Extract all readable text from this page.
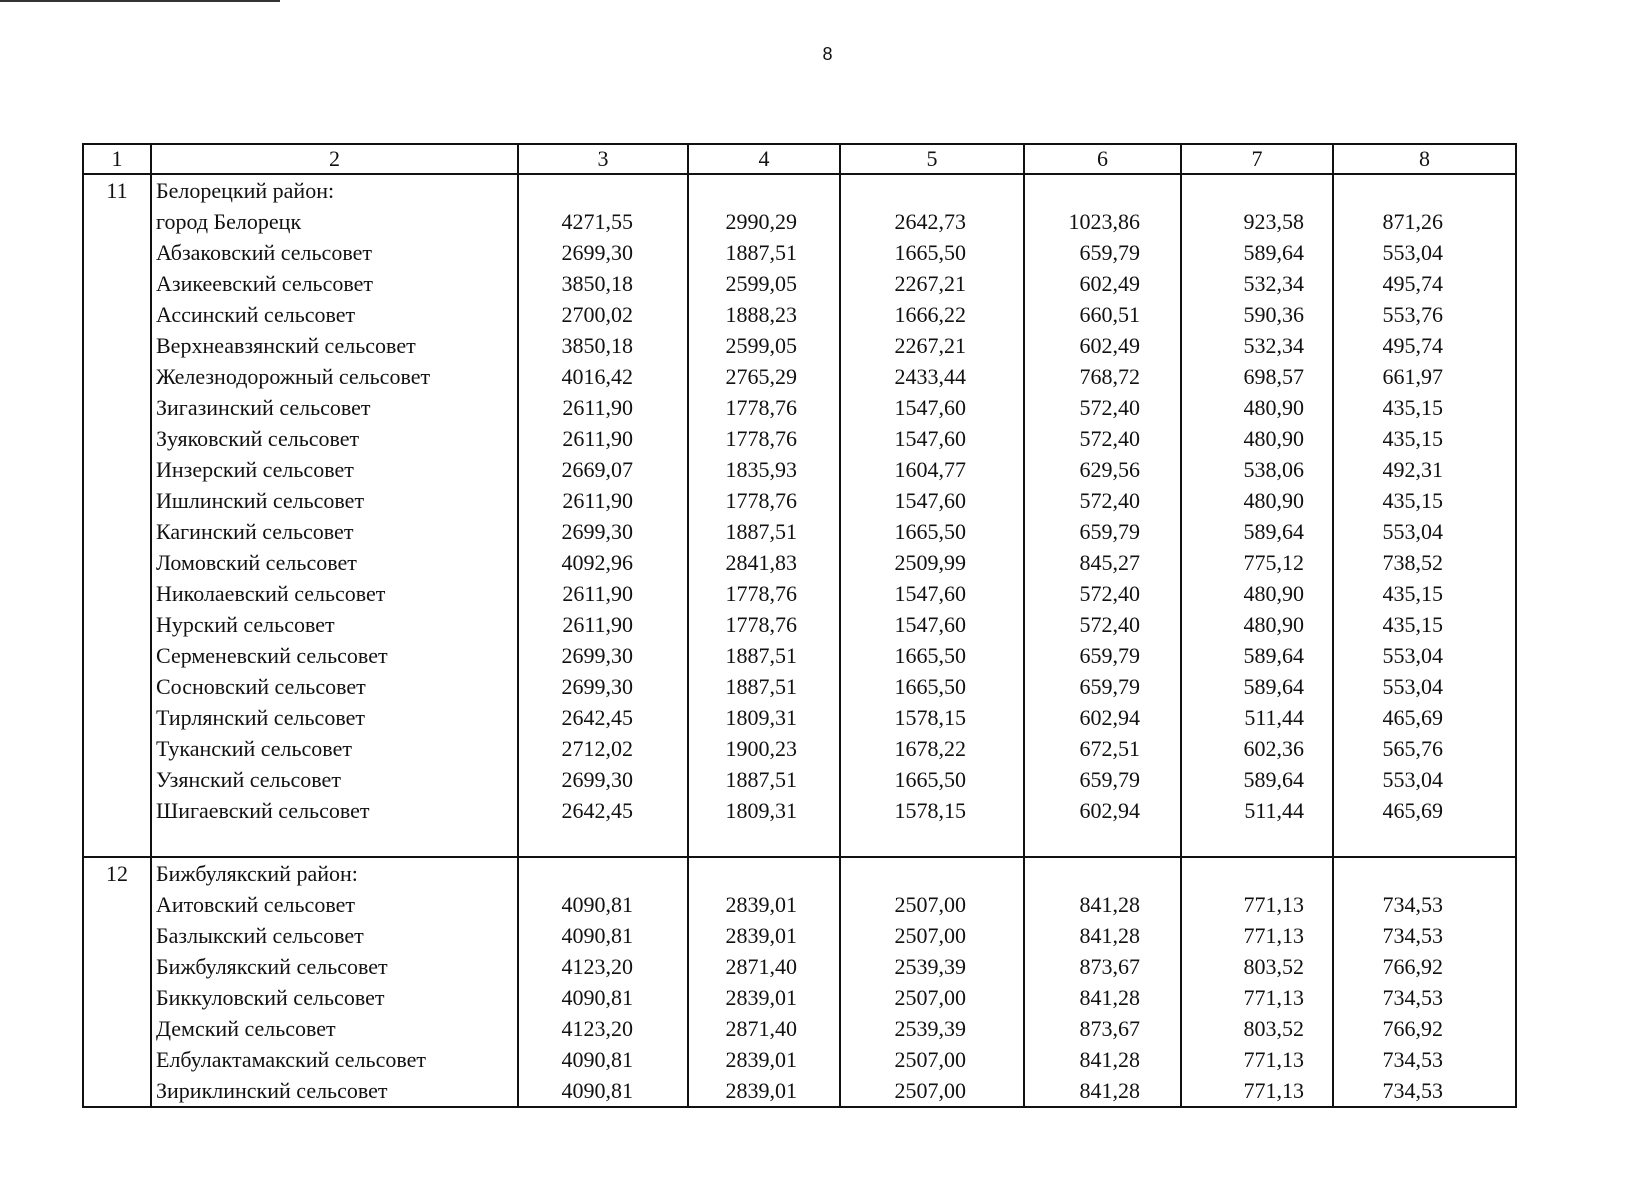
8
1	2	3	4	5	6	7	8
11	Белорецкий район:						
	город Белорецк	4271,55	2990,29	2642,73	1023,86	923,58	871,26
	Абзаковский сельсовет	2699,30	1887,51	1665,50	659,79	589,64	553,04
	Азикеевский сельсовет	3850,18	2599,05	2267,21	602,49	532,34	495,74
	Ассинский сельсовет	2700,02	1888,23	1666,22	660,51	590,36	553,76
	Верхнеавзянский сельсовет	3850,18	2599,05	2267,21	602,49	532,34	495,74
	Железнодорожный сельсовет	4016,42	2765,29	2433,44	768,72	698,57	661,97
	Зигазинский сельсовет	2611,90	1778,76	1547,60	572,40	480,90	435,15
	Зуяковский сельсовет	2611,90	1778,76	1547,60	572,40	480,90	435,15
	Инзерский сельсовет	2669,07	1835,93	1604,77	629,56	538,06	492,31
	Ишлинский сельсовет	2611,90	1778,76	1547,60	572,40	480,90	435,15
	Кагинский сельсовет	2699,30	1887,51	1665,50	659,79	589,64	553,04
	Ломовский сельсовет	4092,96	2841,83	2509,99	845,27	775,12	738,52
	Николаевский сельсовет	2611,90	1778,76	1547,60	572,40	480,90	435,15
	Нурский сельсовет	2611,90	1778,76	1547,60	572,40	480,90	435,15
	Серменевский сельсовет	2699,30	1887,51	1665,50	659,79	589,64	553,04
	Сосновский сельсовет	2699,30	1887,51	1665,50	659,79	589,64	553,04
	Тирлянский сельсовет	2642,45	1809,31	1578,15	602,94	511,44	465,69
	Туканский сельсовет	2712,02	1900,23	1678,22	672,51	602,36	565,76
	Узянский сельсовет	2699,30	1887,51	1665,50	659,79	589,64	553,04
	Шигаевский сельсовет	2642,45	1809,31	1578,15	602,94	511,44	465,69

12	Бижбулякский район:						
	Аитовский сельсовет	4090,81	2839,01	2507,00	841,28	771,13	734,53
	Базлыкский сельсовет	4090,81	2839,01	2507,00	841,28	771,13	734,53
	Бижбулякский сельсовет	4123,20	2871,40	2539,39	873,67	803,52	766,92
	Биккуловский сельсовет	4090,81	2839,01	2507,00	841,28	771,13	734,53
	Демский сельсовет	4123,20	2871,40	2539,39	873,67	803,52	766,92
	Елбулактамакский сельсовет	4090,81	2839,01	2507,00	841,28	771,13	734,53
	Зириклинский сельсовет	4090,81	2839,01	2507,00	841,28	771,13	734,53
